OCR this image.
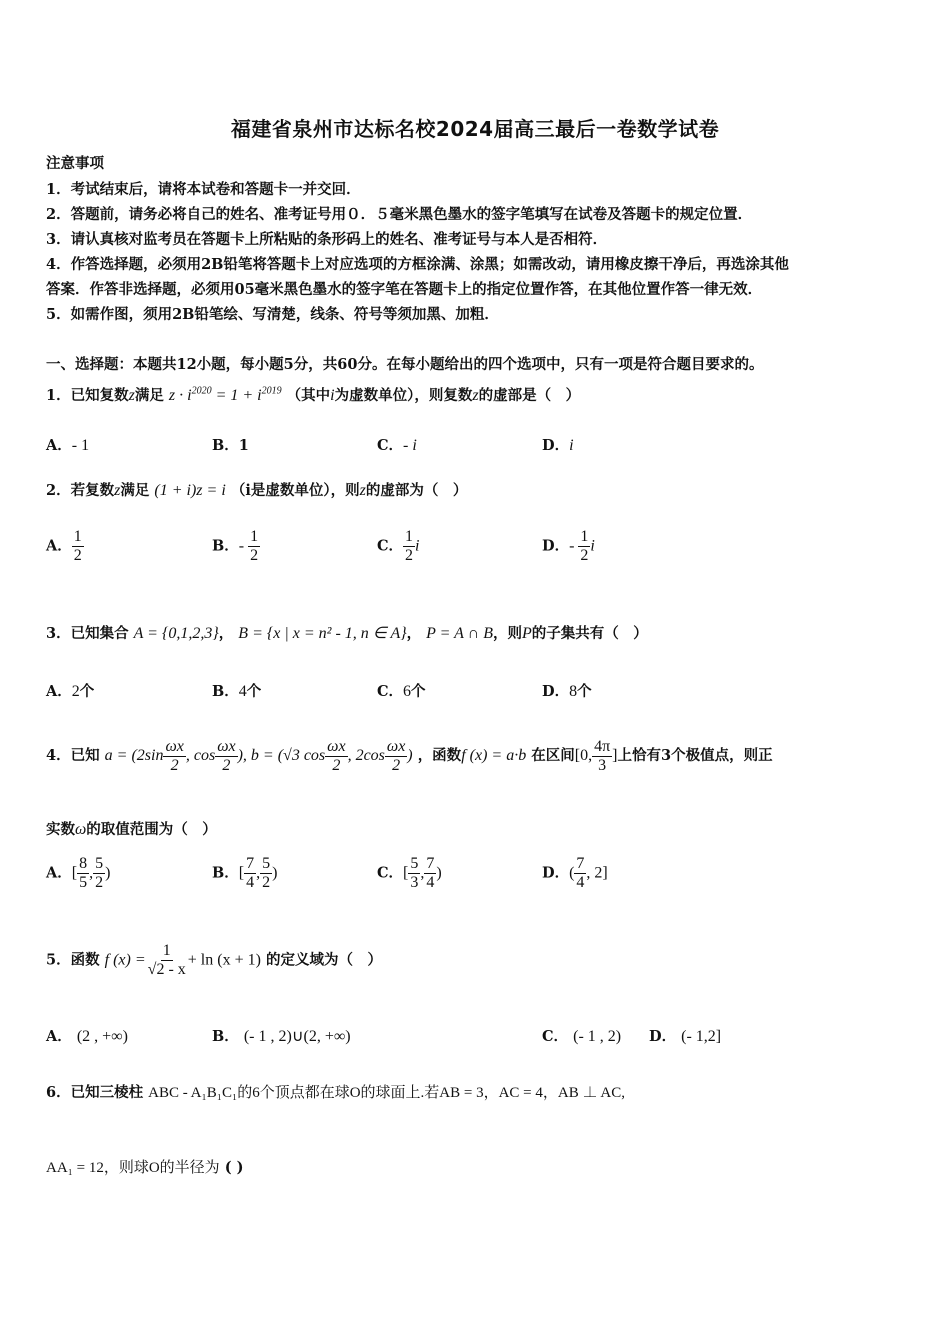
福建省泉州市达标名校2024届高三最后一卷数学试卷
注意事项
1．考试结束后，请将本试卷和答题卡一并交回．
2．答题前，请务必将自己的姓名、准考证号用０．５毫米黑色墨水的签字笔填写在试卷及答题卡的规定位置．
3．请认真核对监考员在答题卡上所粘贴的条形码上的姓名、准考证号与本人是否相符．
4．作答选择题，必须用2B铅笔将答题卡上对应选项的方框涂满、涂黑；如需改动，请用橡皮擦干净后，再选涂其他
答案．作答非选择题，必须用05毫米黑色墨水的签字笔在答题卡上的指定位置作答，在其他位置作答一律无效．
5．如需作图，须用2B铅笔绘、写清楚，线条、符号等须加黑、加粗．
一、选择题：本题共12小题，每小题5分，共60分。在每小题给出的四个选项中，只有一项是符合题目要求的。
1．已知复数z满足 $z \cdot i^{2020} = 1 + i^{2019}$ （其中i为虚数单位），则复数z的虚部是（　）
A．- 1	B．1	C．- i	D．i
2．若复数z满足 (1 + i)z = i （i是虚数单位），则z的虚部为（　）
A． $\frac{1}{2}$	B．- $\frac{1}{2}$	C． $\frac{1}{2}$ i	D．- $\frac{1}{2}$ i
3．已知集合 A = {0,1,2,3}， B = {x | x = n² - 1, n ∈ A}， P = A ∩ B，则P的子集共有（　）
A．2个	B．4个	C．6个	D．8个
4．已知 $a = (2\sin \frac{\omega x}{2}$ , $\cos \frac{\omega x}{2}$ ), b = (√3 $\cos \frac{\omega x}{2}$ , $2\cos \frac{\omega x}{2}$ ) ，函数f (x) = a·b 在区间[0, $\frac{4\pi}{3}$ ]上恰有3个极值点，则正
实数ω的取值范围为（　）
A．[ $\frac{8}{5}$ , $\frac{5}{2}$ )	B．[ $\frac{7}{4}$ , $\frac{5}{2}$ )	C．[ $\frac{5}{3}$ , $\frac{7}{4}$ )	D．( $\frac{7}{4}$ , 2]
5．函数 f $(x) = \frac{1}{√2 - x} + \ln (x + 1)$ 的定义域为（　）
A． (2 , +∞)	B． (- 1 , 2)∪(2, +∞)	C． (- 1 , 2) D． (- 1,2]
6．已知三棱柱 ABC - A₁B₁C₁的6个顶点都在球O的球面上.若AB = 3，AC = 4，AB ⊥ AC,
AA₁ = 12，则球O的半径为 ( )
